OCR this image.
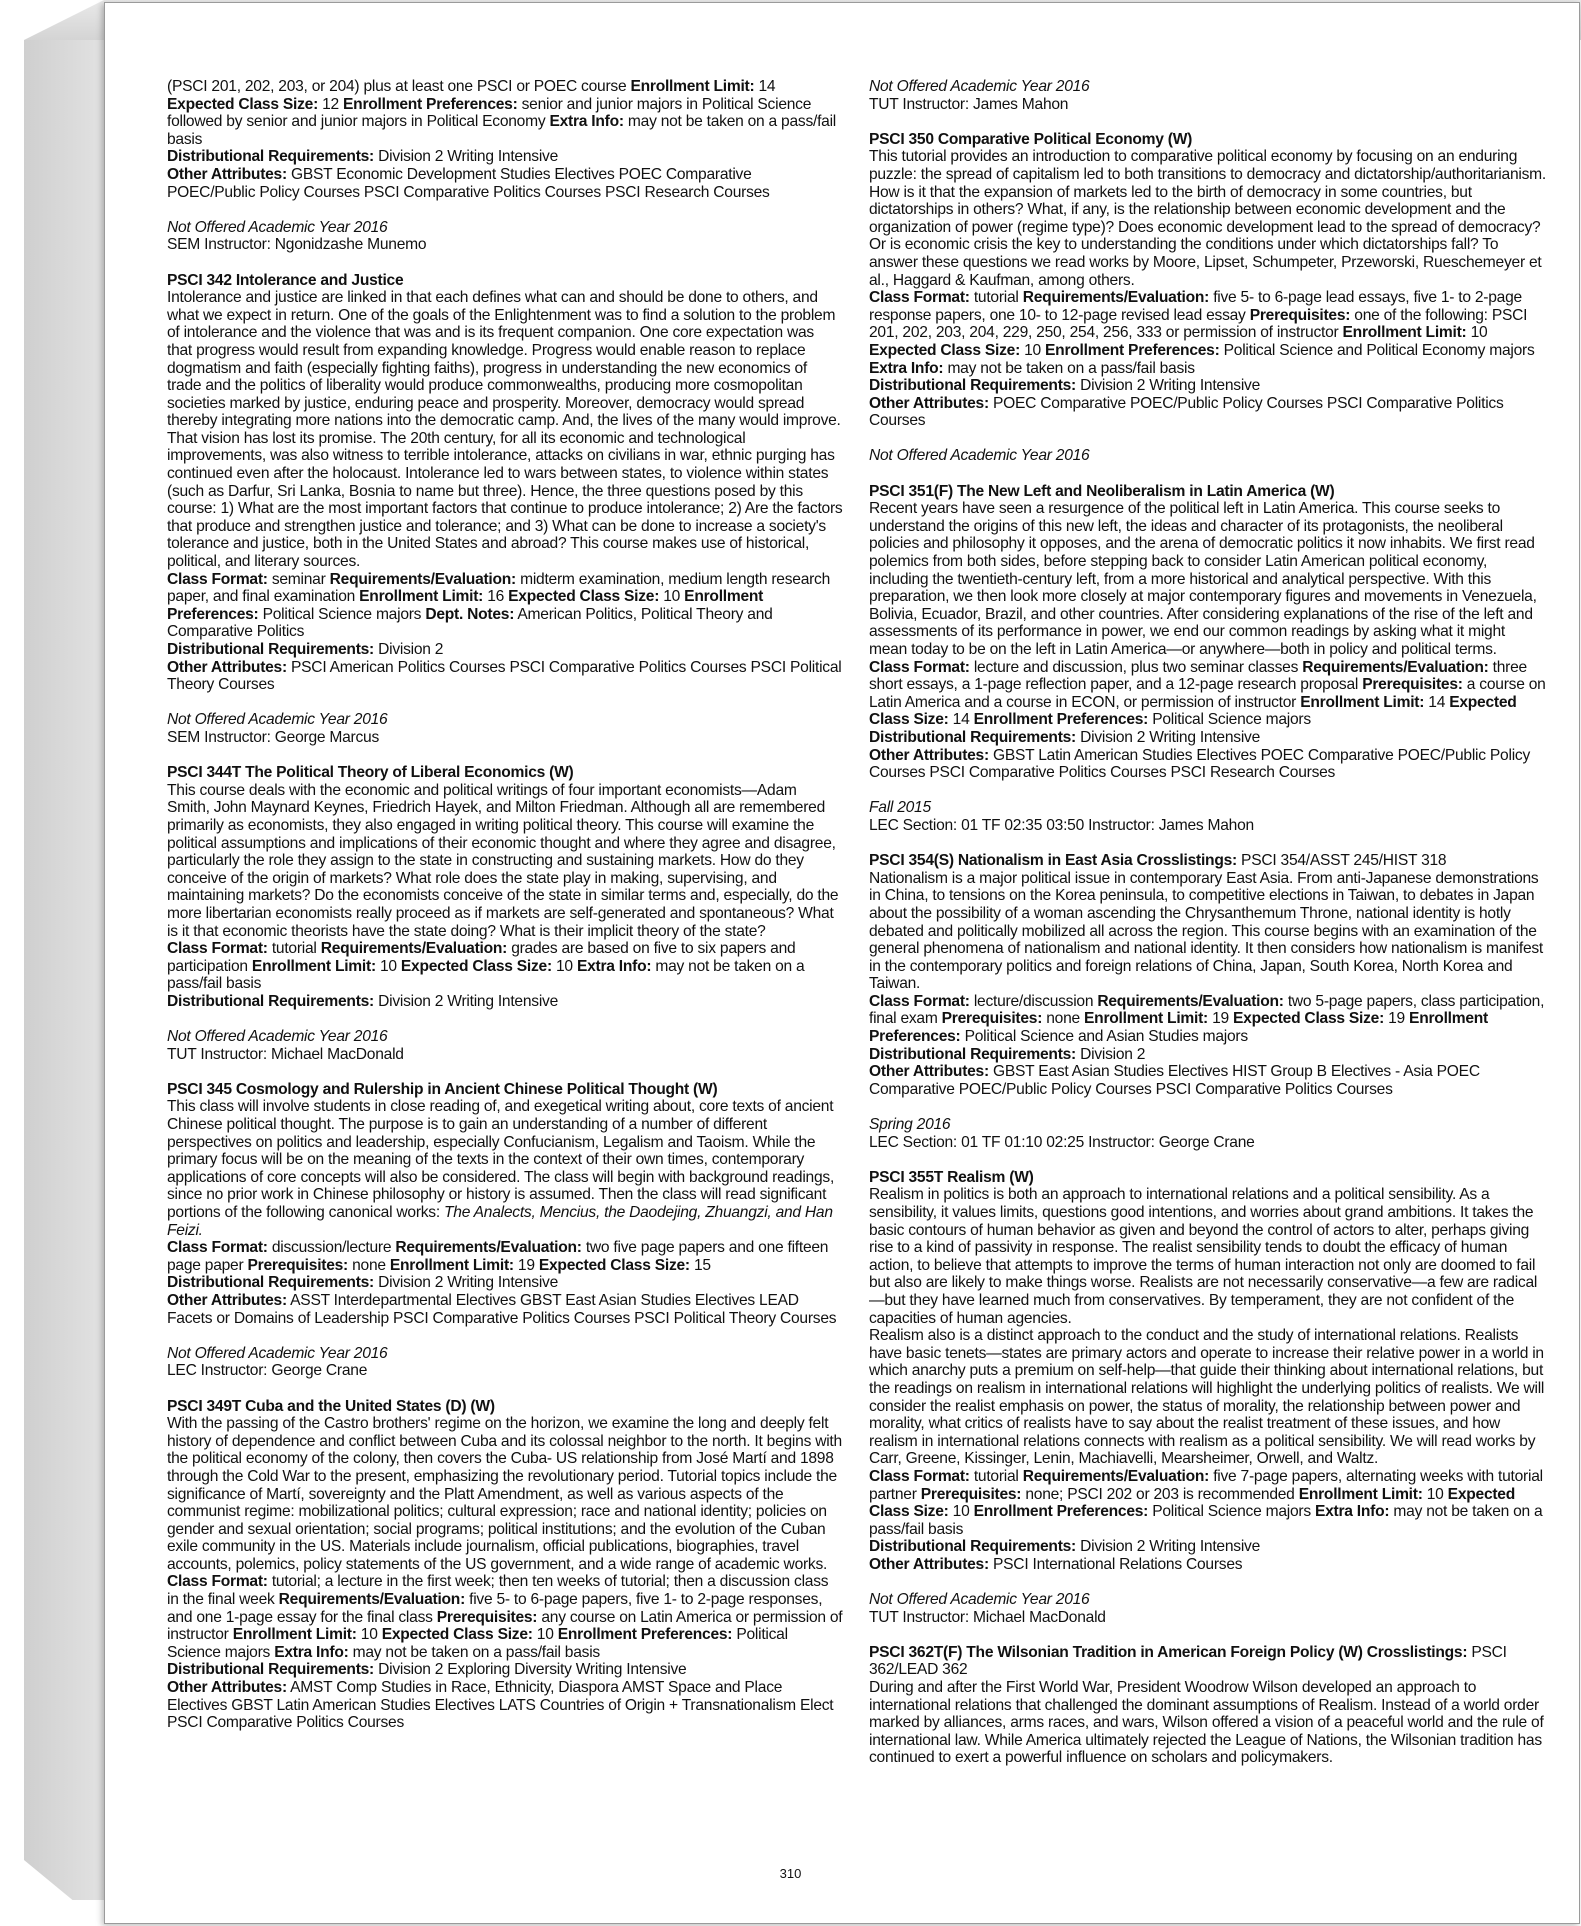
(PSCI 201, 202, 203, or 204) plus at least one PSCI or POEC course Enrollment Limit: 14 Expected Class Size: 12 Enrollment Preferences: senior and junior majors in Political Science followed by senior and junior majors in Political Economy Extra Info: may not be taken on a pass/fail basis

Distributional Requirements: Division 2 Writing Intensive

Other Attributes: GBST Economic Development Studies Electives POEC Comparative POEC/Public Policy Courses PSCI Comparative Politics Courses PSCI Research Courses

Not Offered Academic Year 2016

SEM Instructor: Ngonidzashe Munemo

PSCI 342 Intolerance and Justice

Intolerance and justice are linked in that each defines what can and should be done to others, and what we expect in return. One of the goals of the Enlightenment was to find a solution to the problem of intolerance and the violence that was and is its frequent companion. One core expectation was that progress would result from expanding knowledge. Progress would enable reason to replace dogmatism and faith (especially fighting faiths), progress in understanding the new economics of trade and the politics of liberality would produce commonwealths, producing more cosmopolitan societies marked by justice, enduring peace and prosperity. Moreover, democracy would spread thereby integrating more nations into the democratic camp. And, the lives of the many would improve. That vision has lost its promise. The 20th century, for all its economic and technological improvements, was also witness to terrible intolerance, attacks on civilians in war, ethnic purging has continued even after the holocaust. Intolerance led to wars between states, to violence within states (such as Darfur, Sri Lanka, Bosnia to name but three). Hence, the three questions posed by this course: 1) What are the most important factors that continue to produce intolerance; 2) Are the factors that produce and strengthen justice and tolerance; and 3) What can be done to increase a society's tolerance and justice, both in the United States and abroad? This course makes use of historical, political, and literary sources.

Class Format: seminar Requirements/Evaluation: midterm examination, medium length research paper, and final examination Enrollment Limit: 16 Expected Class Size: 10 Enrollment Preferences: Political Science majors Dept. Notes: American Politics, Political Theory and Comparative Politics

Distributional Requirements: Division 2

Other Attributes: PSCI American Politics Courses PSCI Comparative Politics Courses PSCI Political Theory Courses

Not Offered Academic Year 2016

SEM Instructor: George Marcus

PSCI 344T The Political Theory of Liberal Economics (W)

This course deals with the economic and political writings of four important economists—Adam Smith, John Maynard Keynes, Friedrich Hayek, and Milton Friedman. Although all are remembered primarily as economists, they also engaged in writing political theory. This course will examine the political assumptions and implications of their economic thought and where they agree and disagree, particularly the role they assign to the state in constructing and sustaining markets. How do they conceive of the origin of markets? What role does the state play in making, supervising, and maintaining markets? Do the economists conceive of the state in similar terms and, especially, do the more libertarian economists really proceed as if markets are self-generated and spontaneous? What is it that economic theorists have the state doing? What is their implicit theory of the state?

Class Format: tutorial Requirements/Evaluation: grades are based on five to six papers and participation Enrollment Limit: 10 Expected Class Size: 10 Extra Info: may not be taken on a pass/fail basis

Distributional Requirements: Division 2 Writing Intensive

Not Offered Academic Year 2016

TUT Instructor: Michael MacDonald

PSCI 345 Cosmology and Rulership in Ancient Chinese Political Thought (W)

This class will involve students in close reading of, and exegetical writing about, core texts of ancient Chinese political thought. The purpose is to gain an understanding of a number of different perspectives on politics and leadership, especially Confucianism, Legalism and Taoism. While the primary focus will be on the meaning of the texts in the context of their own times, contemporary applications of core concepts will also be considered. The class will begin with background readings, since no prior work in Chinese philosophy or history is assumed. Then the class will read significant portions of the following canonical works: The Analects, Mencius, the Daodejing, Zhuangzi, and Han Feizi.

Class Format: discussion/lecture Requirements/Evaluation: two five page papers and one fifteen page paper Prerequisites: none Enrollment Limit: 19 Expected Class Size: 15

Distributional Requirements: Division 2 Writing Intensive

Other Attributes: ASST Interdepartmental Electives GBST East Asian Studies Electives LEAD Facets or Domains of Leadership PSCI Comparative Politics Courses PSCI Political Theory Courses

Not Offered Academic Year 2016

LEC Instructor: George Crane

PSCI 349T Cuba and the United States (D) (W)

With the passing of the Castro brothers' regime on the horizon, we examine the long and deeply felt history of dependence and conflict between Cuba and its colossal neighbor to the north. It begins with the political economy of the colony, then covers the Cuba- US relationship from José Martí and 1898 through the Cold War to the present, emphasizing the revolutionary period. Tutorial topics include the significance of Martí, sovereignty and the Platt Amendment, as well as various aspects of the communist regime: mobilizational politics; cultural expression; race and national identity; policies on gender and sexual orientation; social programs; political institutions; and the evolution of the Cuban exile community in the US. Materials include journalism, official publications, biographies, travel accounts, polemics, policy statements of the US government, and a wide range of academic works.

Class Format: tutorial; a lecture in the first week; then ten weeks of tutorial; then a discussion class in the final week Requirements/Evaluation: five 5- to 6-page papers, five 1- to 2-page responses, and one 1-page essay for the final class Prerequisites: any course on Latin America or permission of instructor Enrollment Limit: 10 Expected Class Size: 10 Enrollment Preferences: Political Science majors Extra Info: may not be taken on a pass/fail basis

Distributional Requirements: Division 2 Exploring Diversity Writing Intensive

Other Attributes: AMST Comp Studies in Race, Ethnicity, Diaspora AMST Space and Place Electives GBST Latin American Studies Electives LATS Countries of Origin + Transnationalism Elect PSCI Comparative Politics Courses

Not Offered Academic Year 2016

TUT Instructor: James Mahon

PSCI 350 Comparative Political Economy (W)

This tutorial provides an introduction to comparative political economy by focusing on an enduring puzzle: the spread of capitalism led to both transitions to democracy and dictatorship/authoritarianism. How is it that the expansion of markets led to the birth of democracy in some countries, but dictatorships in others? What, if any, is the relationship between economic development and the organization of power (regime type)? Does economic development lead to the spread of democracy? Or is economic crisis the key to understanding the conditions under which dictatorships fall? To answer these questions we read works by Moore, Lipset, Schumpeter, Przeworski, Rueschemeyer et al., Haggard & Kaufman, among others.

Class Format: tutorial Requirements/Evaluation: five 5- to 6-page lead essays, five 1- to 2-page response papers, one 10- to 12-page revised lead essay Prerequisites: one of the following: PSCI 201, 202, 203, 204, 229, 250, 254, 256, 333 or permission of instructor Enrollment Limit: 10 Expected Class Size: 10 Enrollment Preferences: Political Science and Political Economy majors Extra Info: may not be taken on a pass/fail basis

Distributional Requirements: Division 2 Writing Intensive

Other Attributes: POEC Comparative POEC/Public Policy Courses PSCI Comparative Politics Courses

Not Offered Academic Year 2016

PSCI 351(F) The New Left and Neoliberalism in Latin America (W)

Recent years have seen a resurgence of the political left in Latin America. This course seeks to understand the origins of this new left, the ideas and character of its protagonists, the neoliberal policies and philosophy it opposes, and the arena of democratic politics it now inhabits. We first read polemics from both sides, before stepping back to consider Latin American political economy, including the twentieth-century left, from a more historical and analytical perspective. With this preparation, we then look more closely at major contemporary figures and movements in Venezuela, Bolivia, Ecuador, Brazil, and other countries. After considering explanations of the rise of the left and assessments of its performance in power, we end our common readings by asking what it might mean today to be on the left in Latin America—or anywhere—both in policy and political terms.

Class Format: lecture and discussion, plus two seminar classes Requirements/Evaluation: three short essays, a 1-page reflection paper, and a 12-page research proposal Prerequisites: a course on Latin America and a course in ECON, or permission of instructor Enrollment Limit: 14 Expected Class Size: 14 Enrollment Preferences: Political Science majors

Distributional Requirements: Division 2 Writing Intensive

Other Attributes: GBST Latin American Studies Electives POEC Comparative POEC/Public Policy Courses PSCI Comparative Politics Courses PSCI Research Courses

Fall 2015

LEC Section: 01 TF 02:35 03:50 Instructor: James Mahon

PSCI 354(S) Nationalism in East Asia Crosslistings: PSCI 354/ASST 245/HIST 318

Nationalism is a major political issue in contemporary East Asia. From anti-Japanese demonstrations in China, to tensions on the Korea peninsula, to competitive elections in Taiwan, to debates in Japan about the possibility of a woman ascending the Chrysanthemum Throne, national identity is hotly debated and politically mobilized all across the region. This course begins with an examination of the general phenomena of nationalism and national identity. It then considers how nationalism is manifest in the contemporary politics and foreign relations of China, Japan, South Korea, North Korea and Taiwan.

Class Format: lecture/discussion Requirements/Evaluation: two 5-page papers, class participation, final exam Prerequisites: none Enrollment Limit: 19 Expected Class Size: 19 Enrollment Preferences: Political Science and Asian Studies majors

Distributional Requirements: Division 2

Other Attributes: GBST East Asian Studies Electives HIST Group B Electives - Asia POEC Comparative POEC/Public Policy Courses PSCI Comparative Politics Courses

Spring 2016

LEC Section: 01 TF 01:10 02:25 Instructor: George Crane

PSCI 355T Realism (W)

Realism in politics is both an approach to international relations and a political sensibility. As a sensibility, it values limits, questions good intentions, and worries about grand ambitions. It takes the basic contours of human behavior as given and beyond the control of actors to alter, perhaps giving rise to a kind of passivity in response. The realist sensibility tends to doubt the efficacy of human action, to believe that attempts to improve the terms of human interaction not only are doomed to fail but also are likely to make things worse. Realists are not necessarily conservative—a few are radical—but they have learned much from conservatives. By temperament, they are not confident of the capacities of human agencies.

Realism also is a distinct approach to the conduct and the study of international relations. Realists have basic tenets—states are primary actors and operate to increase their relative power in a world in which anarchy puts a premium on self-help—that guide their thinking about international relations, but the readings on realism in international relations will highlight the underlying politics of realists. We will consider the realist emphasis on power, the status of morality, the relationship between power and morality, what critics of realists have to say about the realist treatment of these issues, and how realism in international relations connects with realism as a political sensibility. We will read works by Carr, Greene, Kissinger, Lenin, Machiavelli, Mearsheimer, Orwell, and Waltz.

Class Format: tutorial Requirements/Evaluation: five 7-page papers, alternating weeks with tutorial partner Prerequisites: none; PSCI 202 or 203 is recommended Enrollment Limit: 10 Expected Class Size: 10 Enrollment Preferences: Political Science majors Extra Info: may not be taken on a pass/fail basis

Distributional Requirements: Division 2 Writing Intensive

Other Attributes: PSCI International Relations Courses

Not Offered Academic Year 2016

TUT Instructor: Michael MacDonald

PSCI 362T(F) The Wilsonian Tradition in American Foreign Policy (W) Crosslistings: PSCI 362/LEAD 362

During and after the First World War, President Woodrow Wilson developed an approach to international relations that challenged the dominant assumptions of Realism. Instead of a world order marked by alliances, arms races, and wars, Wilson offered a vision of a peaceful world and the rule of international law. While America ultimately rejected the League of Nations, the Wilsonian tradition has continued to exert a powerful influence on scholars and policymakers.

310
